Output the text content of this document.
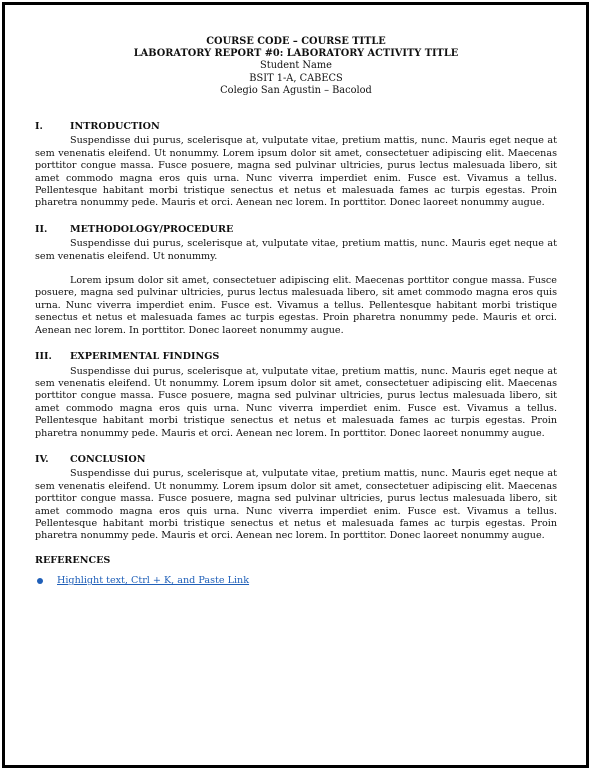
COURSE CODE – COURSE TITLE
LABORATORY REPORT #0: LABORATORY ACTIVITY TITLE
Student Name
BSIT 1-A, CABECS
Colegio San Agustin – Bacolod
I.	INTRODUCTION

Suspendisse dui purus, scelerisque at, vulputate vitae, pretium mattis, nunc. Mauris eget neque at sem venenatis eleifend. Ut nonummy. Lorem ipsum dolor sit amet, consectetuer adipiscing elit. Maecenas porttitor congue massa. Fusce posuere, magna sed pulvinar ultricies, purus lectus malesuada libero, sit amet commodo magna eros quis urna. Nunc viverra imperdiet enim. Fusce est. Vivamus a tellus. Pellentesque habitant morbi tristique senectus et netus et malesuada fames ac turpis egestas. Proin pharetra nonummy pede. Mauris et orci. Aenean nec lorem. In porttitor. Donec laoreet nonummy augue.

II.	METHODOLOGY/PROCEDURE

Suspendisse dui purus, scelerisque at, vulputate vitae, pretium mattis, nunc. Mauris eget neque at sem venenatis eleifend. Ut nonummy.

Lorem ipsum dolor sit amet, consectetuer adipiscing elit. Maecenas porttitor congue massa. Fusce posuere, magna sed pulvinar ultricies, purus lectus malesuada libero, sit amet commodo magna eros quis urna. Nunc viverra imperdiet enim. Fusce est. Vivamus a tellus. Pellentesque habitant morbi tristique senectus et netus et malesuada fames ac turpis egestas. Proin pharetra nonummy pede. Mauris et orci. Aenean nec lorem. In porttitor. Donec laoreet nonummy augue.

III.	EXPERIMENTAL FINDINGS

Suspendisse dui purus, scelerisque at, vulputate vitae, pretium mattis, nunc. Mauris eget neque at sem venenatis eleifend. Ut nonummy. Lorem ipsum dolor sit amet, consectetuer adipiscing elit. Maecenas porttitor congue massa. Fusce posuere, magna sed pulvinar ultricies, purus lectus malesuada libero, sit amet commodo magna eros quis urna. Nunc viverra imperdiet enim. Fusce est. Vivamus a tellus. Pellentesque habitant morbi tristique senectus et netus et malesuada fames ac turpis egestas. Proin pharetra nonummy pede. Mauris et orci. Aenean nec lorem. In porttitor. Donec laoreet nonummy augue.

IV.	CONCLUSION

Suspendisse dui purus, scelerisque at, vulputate vitae, pretium mattis, nunc. Mauris eget neque at sem venenatis eleifend. Ut nonummy. Lorem ipsum dolor sit amet, consectetuer adipiscing elit. Maecenas porttitor congue massa. Fusce posuere, magna sed pulvinar ultricies, purus lectus malesuada libero, sit amet commodo magna eros quis urna. Nunc viverra imperdiet enim. Fusce est. Vivamus a tellus. Pellentesque habitant morbi tristique senectus et netus et malesuada fames ac turpis egestas. Proin pharetra nonummy pede. Mauris et orci. Aenean nec lorem. In porttitor. Donec laoreet nonummy augue.

REFERENCES
Highlight text, Ctrl + K, and Paste Link
